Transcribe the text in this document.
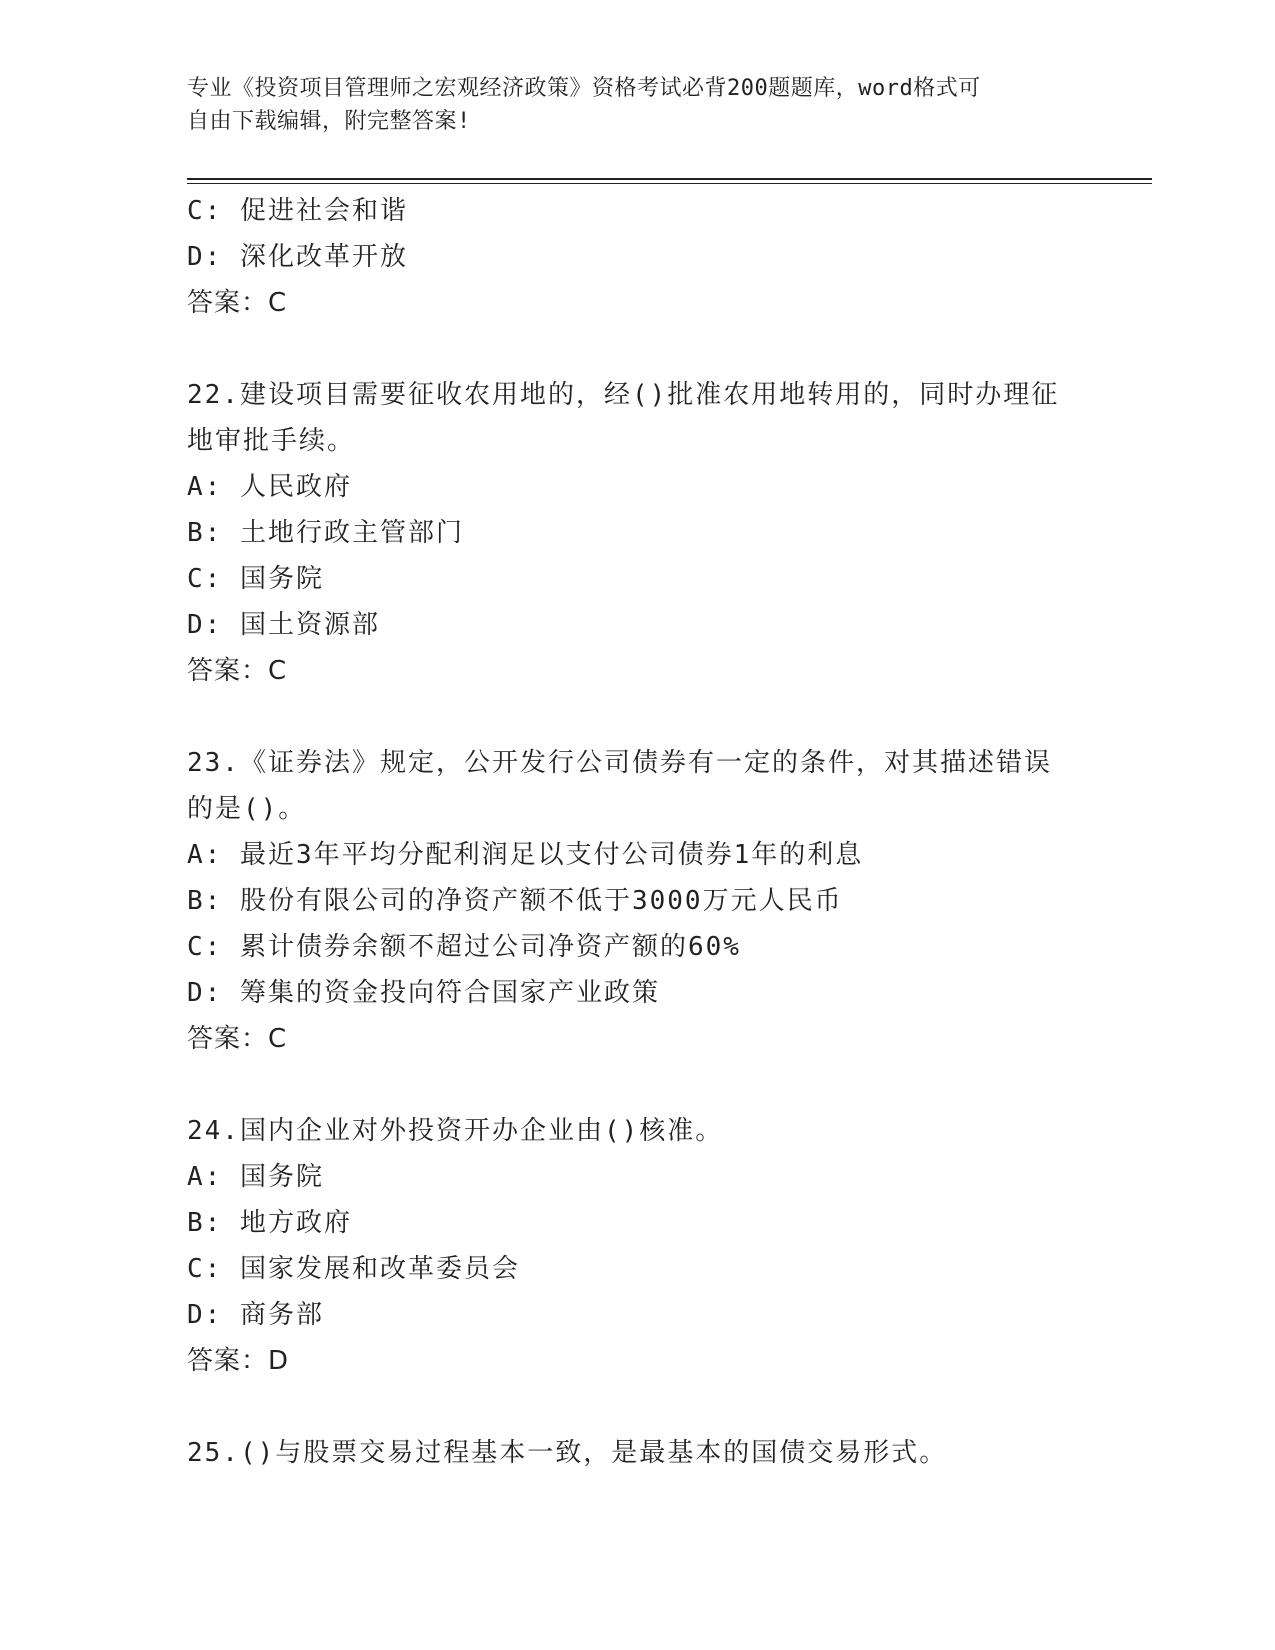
专业《投资项目管理师之宏观经济政策》资格考试必背200题题库，word格式可
自由下载编辑，附完整答案!
C: 促进社会和谐
D: 深化改革开放
答案：C
22.建设项目需要征收农用地的，经()批准农用地转用的，同时办理征
地审批手续。
A: 人民政府
B: 土地行政主管部门
C: 国务院
D: 国土资源部
答案：C
23.《证券法》规定，公开发行公司债券有一定的条件，对其描述错误
的是()。
A: 最近3年平均分配利润足以支付公司债券1年的利息
B: 股份有限公司的净资产额不低于3000万元人民币
C: 累计债券余额不超过公司净资产额的60%
D: 筹集的资金投向符合国家产业政策
答案：C
24.国内企业对外投资开办企业由()核准。
A: 国务院
B: 地方政府
C: 国家发展和改革委员会
D: 商务部
答案：D
25.()与股票交易过程基本一致，是最基本的国债交易形式。
